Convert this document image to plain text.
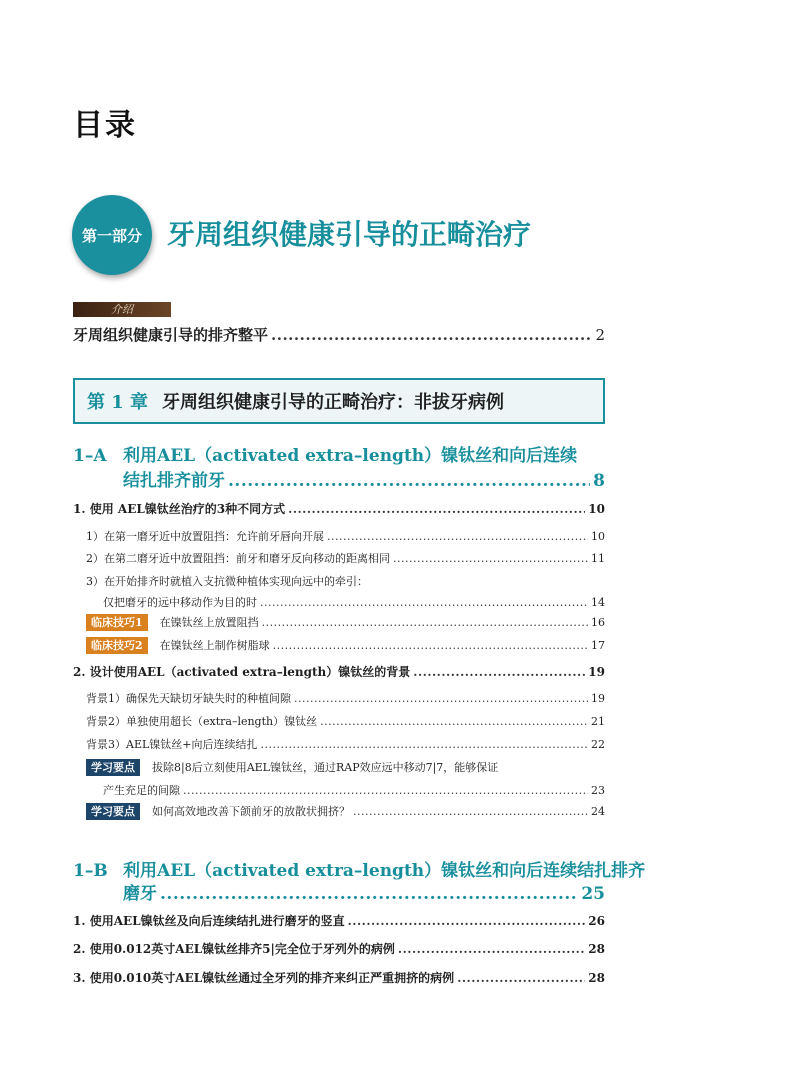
目录
第一部分 牙周组织健康引导的正畸治疗
介绍
牙周组织健康引导的排齐整平 .....	2
第 1 章 牙周组织健康引导的正畸治疗：非拔牙病例
1–A 利用AEL（activated extra–length）镍钛丝和向后连续
结扎排齐前牙 .....	8
1. 使用 AEL镍钛丝治疗的3种不同方式 .....	10
1）在第一磨牙近中放置阻挡：允许前牙唇向开展 .....	10
2）在第二磨牙近中放置阻挡：前牙和磨牙反向移动的距离相同 .....	11
3）在开始排齐时就植入支抗微种植体实现向远中的牵引：
仅把磨牙的远中移动作为目的时 .....	14
临床技巧1	在镍钛丝上放置阻挡 .....	16
临床技巧2	在镍钛丝上制作树脂球 .....	17
2. 设计使用AEL（activated extra–length）镍钛丝的背景 .....	19
背景1）确保先天缺切牙缺失时的种植间隙 .....	19
背景2）单独使用超长（extra–length）镍钛丝 .....	21
背景3）AEL镍钛丝+向后连续结扎 .....	22
学习要点	拔除8|8后立刻使用AEL镍钛丝，通过RAP效应远中移动7|7，能够保证
产生充足的间隙 .....	23
学习要点	如何高效地改善下颌前牙的放散状拥挤？ .....	24
1–B 利用AEL（activated extra–length）镍钛丝和向后连续结扎排齐
磨牙 .....	25
1. 使用AEL镍钛丝及向后连续结扎进行磨牙的竖直 .....	26
2. 使用0.012英寸AEL镍钛丝排齐5|完全位于牙列外的病例 .....	28
3. 使用0.010英寸AEL镍钛丝通过全牙列的排齐来纠正严重拥挤的病例 .....	28
